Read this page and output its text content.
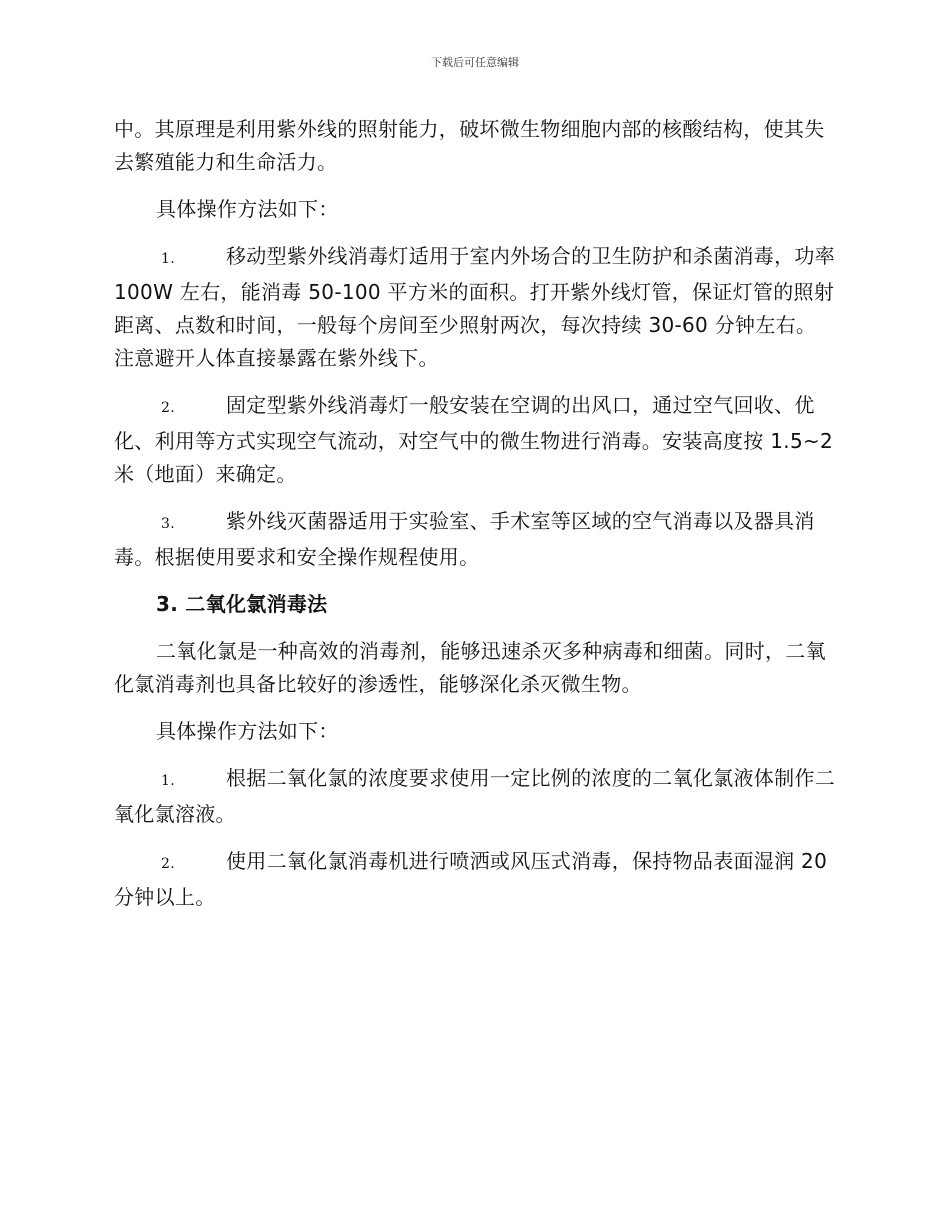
下载后可任意编辑

中。其原理是利用紫外线的照射能力，破坏微生物细胞内部的核酸结构，使其失去繁殖能力和生命活力。

具体操作方法如下：

1.	移动型紫外线消毒灯适用于室内外场合的卫生防护和杀菌消毒，功率 100W 左右，能消毒 50-100 平方米的面积。打开紫外线灯管，保证灯管的照射距离、点数和时间，一般每个房间至少照射两次，每次持续 30-60 分钟左右。注意避开人体直接暴露在紫外线下。

2.	固定型紫外线消毒灯一般安装在空调的出风口，通过空气回收、优化、利用等方式实现空气流动，对空气中的微生物进行消毒。安装高度按 1.5~2 米（地面）来确定。

3.	紫外线灭菌器适用于实验室、手术室等区域的空气消毒以及器具消毒。根据使用要求和安全操作规程使用。

3. 二氧化氯消毒法

二氧化氯是一种高效的消毒剂，能够迅速杀灭多种病毒和细菌。同时，二氧化氯消毒剂也具备比较好的渗透性，能够深化杀灭微生物。

具体操作方法如下：

1.	根据二氧化氯的浓度要求使用一定比例的浓度的二氧化氯液体制作二氧化氯溶液。

2.	使用二氧化氯消毒机进行喷洒或风压式消毒，保持物品表面湿润 20 分钟以上。
